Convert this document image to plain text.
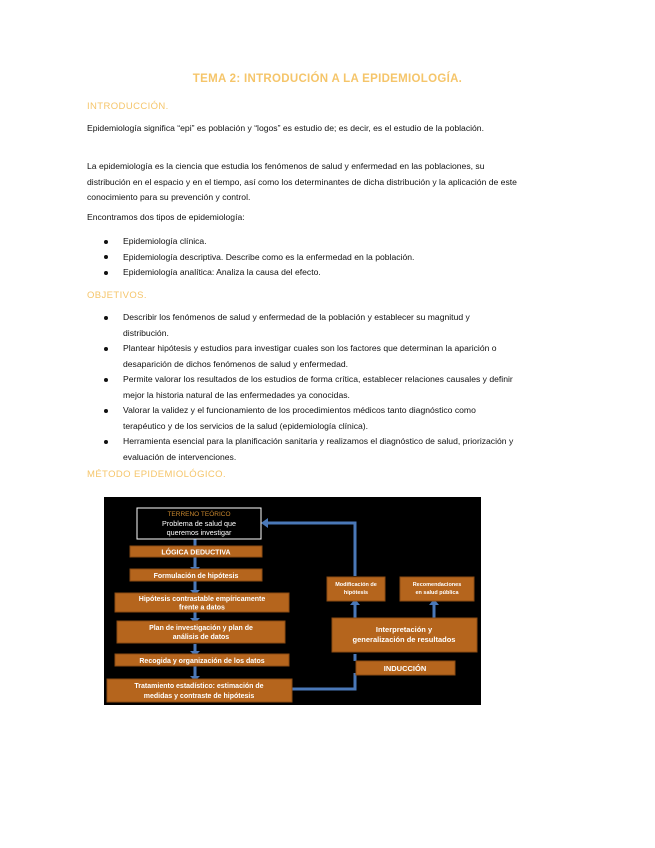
TEMA 2: INTRODUCIÓN A LA EPIDEMIOLOGÍA.
INTRODUCCIÓN.
Epidemiología significa “epi” es población y “logos” es estudio de; es decir, es el estudio de la población.
La epidemiología es la ciencia que estudia los fenómenos de salud y enfermedad en las poblaciones, su distribución en el espacio y en el tiempo, así como los determinantes de dicha distribución y la aplicación de este conocimiento para su prevención y control.
Encontramos dos tipos de epidemiología:
Epidemiología clínica.
Epidemiología descriptiva. Describe como es la enfermedad en la población.
Epidemiología analítica: Analiza la causa del efecto.
OBJETIVOS.
Describir los fenómenos de salud y enfermedad de la población y establecer su magnitud y distribución.
Plantear hipótesis y estudios para investigar cuales son los factores que determinan la aparición o desaparición de dichos fenómenos de salud y enfermedad.
Permite valorar los resultados de los estudios de forma crítica, establecer relaciones causales y definir mejor la historia natural de las enfermedades ya conocidas.
Valorar la validez y el funcionamiento de los procedimientos médicos tanto diagnóstico como terapéutico y de los servicios de la salud (epidemiología clínica).
Herramienta esencial para la planificación sanitaria y realizamos el diagnóstico de salud, priorización y evaluación de intervenciones.
MÉTODO EPIDEMIOLÓGICO.
TERRENO TEÓRICO
Problema de salud que
queremos investigar
LÓGICA DEDUCTIVA
Formulación de hipótesis
Hipótesis contrastable empíricamente
frente a datos
Plan de investigación y plan de
análisis de datos
Recogida y organización de los datos
Tratamiento estadístico: estimación de
medidas y contraste de hipótesis
Modificación de
hipótesis
Recomendaciones
en salud pública
Interpretación y
generalización de resultados
INDUCCIÓN
